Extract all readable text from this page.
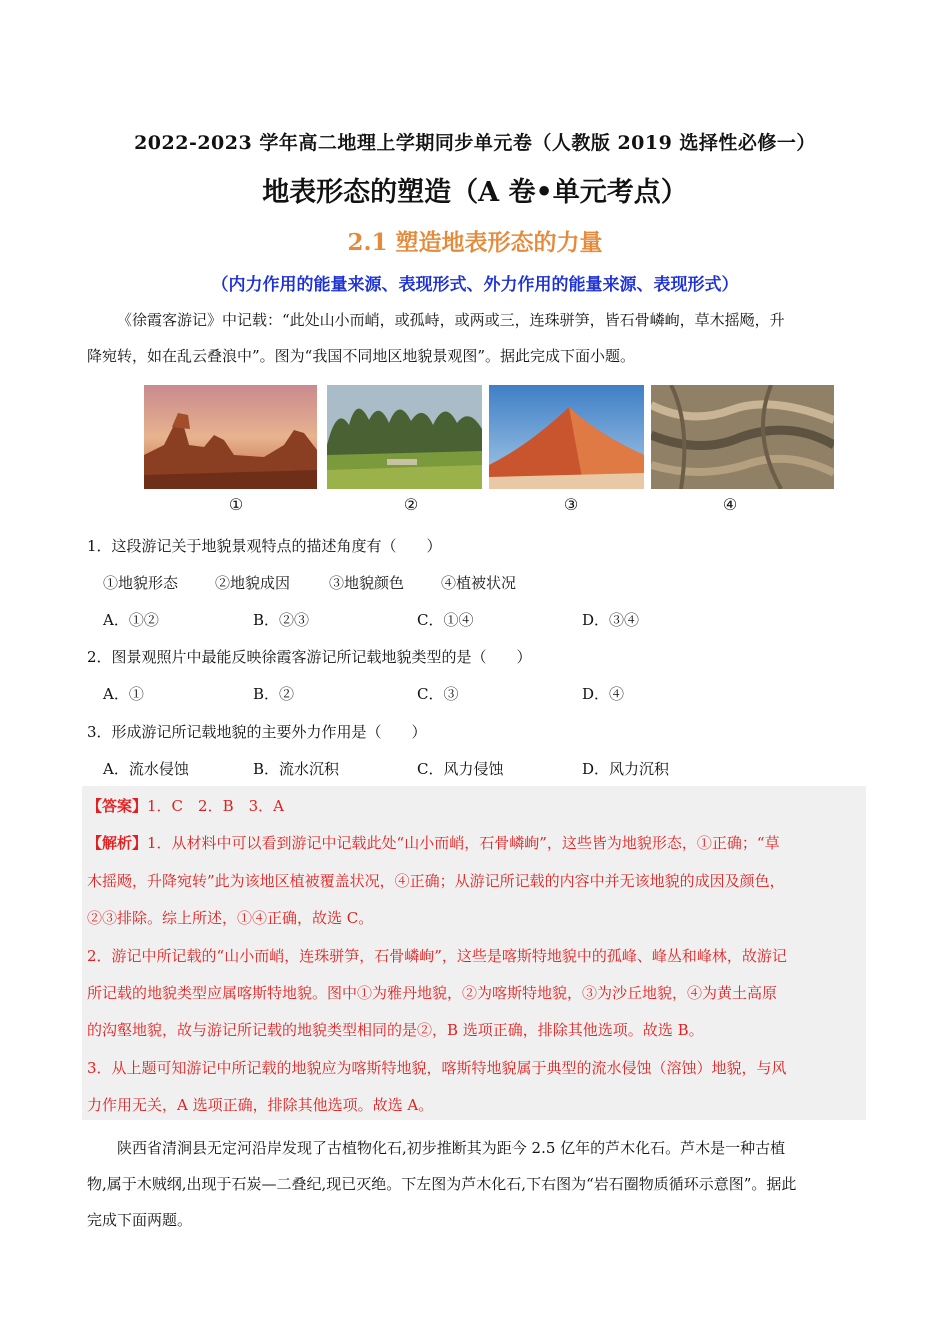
2022-2023 学年高二地理上学期同步单元卷（人教版 2019 选择性必修一）
地表形态的塑造（A 卷•单元考点）
2.1 塑造地表形态的力量
（内力作用的能量来源、表现形式、外力作用的能量来源、表现形式）
《徐霞客游记》中记载：“此处山小而峭，或孤峙，或两或三，连珠骈笋，皆石骨嶙峋，草木摇飏，升
降宛转，如在乱云叠浪中”。图为“我国不同地区地貌景观图”。据此完成下面小题。
①	②	③	④
1．这段游记关于地貌景观特点的描述角度有（　　）
①地貌形态 ②地貌成因	③地貌颜色 ④植被状况
A．①②	B．②③	C．①④	D．③④
2．图景观照片中最能反映徐霞客游记所记载地貌类型的是（　　）
A．①	B．②	C．③	D．④
3．形成游记所记载地貌的主要外力作用是（　　）
A．流水侵蚀	B．流水沉积	C．风力侵蚀	D．风力沉积
【答案】1．C　2．B　3．A
【解析】1．从材料中可以看到游记中记载此处“山小而峭，石骨嶙峋”，这些皆为地貌形态，①正确；“草
木摇飏，升降宛转”此为该地区植被覆盖状况，④正确；从游记所记载的内容中并无该地貌的成因及颜色，
②③排除。综上所述，①④正确，故选 C。
2．游记中所记载的“山小而峭，连珠骈笋，石骨嶙峋”，这些是喀斯特地貌中的孤峰、峰丛和峰林，故游记
所记载的地貌类型应属喀斯特地貌。图中①为雅丹地貌，②为喀斯特地貌，③为沙丘地貌，④为黄土高原
的沟壑地貌，故与游记所记载的地貌类型相同的是②，B 选项正确，排除其他选项。故选 B。
3．从上题可知游记中所记载的地貌应为喀斯特地貌，喀斯特地貌属于典型的流水侵蚀（溶蚀）地貌，与风
力作用无关，A 选项正确，排除其他选项。故选 A。
陕西省清涧县无定河沿岸发现了古植物化石,初步推断其为距今 2.5 亿年的芦木化石。芦木是一种古植
物,属于木贼纲,出现于石炭—二叠纪,现已灭绝。下左图为芦木化石,下右图为“岩石圈物质循环示意图”。据此
完成下面两题。
